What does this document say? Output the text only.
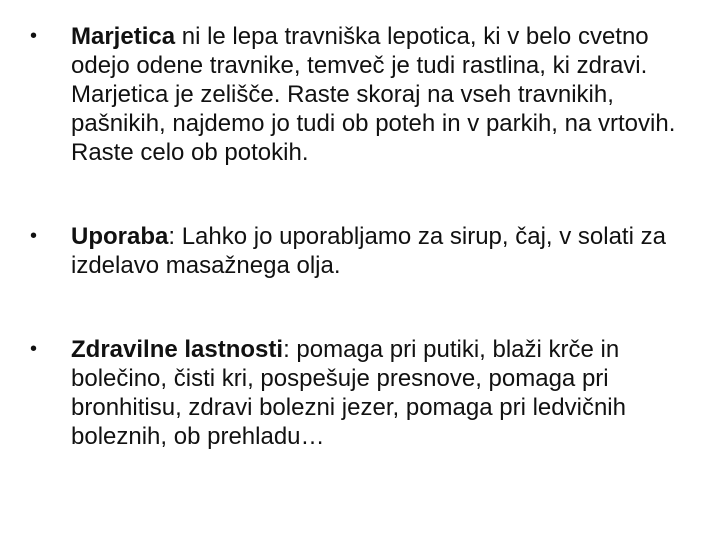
•	Marjetica ni le lepa travniška lepotica, ki v belo cvetno odejo odene travnike, temveč je tudi rastlina, ki zdravi. Marjetica je zelišče. Raste skoraj na vseh travnikih, pašnikih, najdemo jo tudi ob poteh in v parkih, na vrtovih. Raste celo ob potokih.
•	Uporaba: Lahko jo uporabljamo za sirup, čaj, v solati za izdelavo masažnega olja.
•	Zdravilne lastnosti: pomaga pri putiki, blaži krče in bolečino, čisti kri, pospešuje presnove, pomaga pri bronhitisu, zdravi bolezni jezer, pomaga pri ledvičnih boleznih, ob prehladu…
